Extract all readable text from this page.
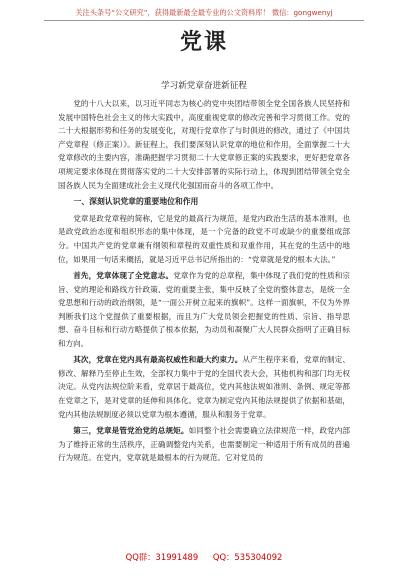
关注头条号“公文研究”，获得最新最全最专业的公文资料库！ 微信：gongwenyj
党课
学习新党章奋进新征程

党的十八大以来，以习近平同志为核心的党中央团结带领全党全国各族人民坚持和发展中国特色社会主义的伟大实践中，高度重视党章的修改完善和学习贯彻工作。党的二十大根据形势和任务的发展变化，对现行党章作了与时俱进的修改，通过了《中国共产党章程（修正案）》。新征程上，我们要深刻认识党章的地位和作用，全面掌握二十大党章修改的主要内容，准确把握学习贯彻二十大党章修正案的实践要求，更好把党章各项规定要求体现在贯彻落实党的二十大安排部署的实际行动上，体现到团结带领全党全国各族人民为全面建成社会主义现代化强国而奋斗的各项工作中。

一、深刻认识党章的重要地位和作用

党章是政党章程的简称，它是党的最高行为规范，是党内政治生活的基本准则，也是政党政治态度和组织形态的集中体现，是一个完备的政党不可或缺少的重要组成部分。中国共产党的党章兼有纲领和章程的双重性质和双重作用，其在党的生活中的地位，如果用一句话来概括，就是习近平总书记所指出的：“党章就是党的根本大法。”

首先，党章体现了全党意志。党章作为党的总章程，集中体现了我们党的性质和宗旨、党的理论和路线方针政策、党的重要主张，集中反映了全党的整体意志，是统一全党思想和行动的政治纲领，是“一面公开树立起来的旗帜”。这样一面旗帜，不仅为外界判断我们这个党提供了重要根据，而且为广大党员领会把握党的性质、宗旨、指导思想、奋斗目标和行动方略提供了根本依据，为动员和凝聚广大人民群众指明了正确目标和方向。

其次，党章在党内具有最高权威性和最大约束力。从产生程序来看，党章的制定、修改、解释乃至停止生效，全部权力集中于党的全国代表大会，其他机构和部门均无权决定。从党内法规位阶来看，党章居于最高位，党内其他法规如准则、条例、规定等都在党章之下，是对党章的延伸和具体化。党章为制定党内其他法规提供了依据和基础，党内其他法规制度必须以党章为根本遵循，服从和服务于党章。

第三，党章是管党治党的总规矩。如同整个社会需要确立法律规范一样，政党内部为了维持正常的生活秩序，正确调整党内关系，也需要制定一种适用于所有成员的普遍行为规范。在党内，党章就是最根本的行为规范。它对党员的

QQ群：31991489 QQ：535304092
